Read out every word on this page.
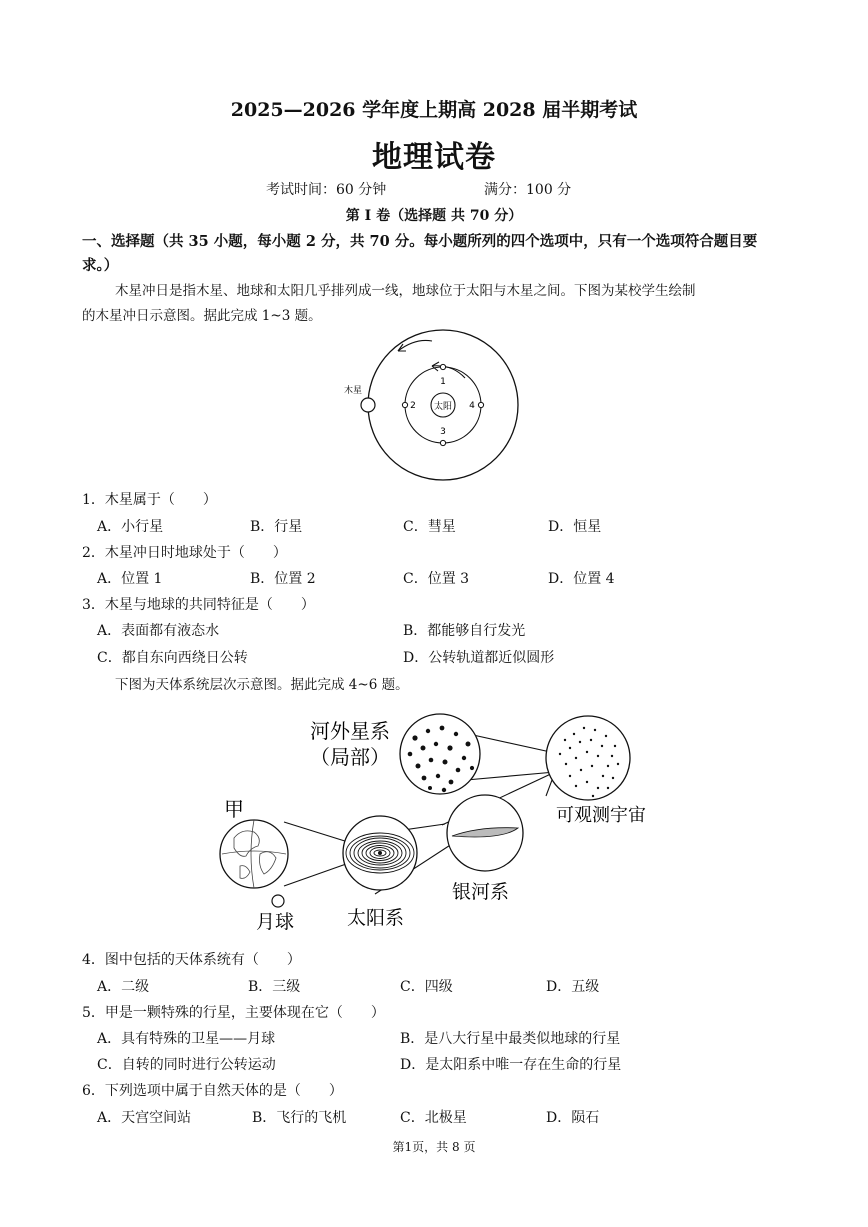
2025—2026 学年度上期高 2028 届半期考试
地理试卷
考试时间：60 分钟	满分：100 分
第 I 卷（选择题 共 70 分）
一、选择题（共 35 小题，每小题 2 分，共 70 分。每小题所列的四个选项中，只有一个选项符合题目要
求。）
木星冲日是指木星、地球和太阳几乎排列成一线，地球位于太阳与木星之间。下图为某校学生绘制
的木星冲日示意图。据此完成 1~3 题。
太阳
木星
1
2
3
4
1．木星属于（　　）
A．小行星	B．行星	C．彗星	D．恒星
2．木星冲日时地球处于（　　）
A．位置 1	B．位置 2	C．位置 3	D．位置 4
3．木星与地球的共同特征是（　　）
A．表面都有液态水	B．都能够自行发光
C．都自东向西绕日公转	D．公转轨道都近似圆形
下图为天体系统层次示意图。据此完成 4~6 题。
河外星系
（局部）
可观测宇宙
银河系
太阳系
甲
月球
4．图中包括的天体系统有（　　）
A．二级	B．三级	C．四级	D．五级
5．甲是一颗特殊的行星，主要体现在它（　　）
A．具有特殊的卫星——月球	B．是八大行星中最类似地球的行星
C．自转的同时进行公转运动	D．是太阳系中唯一存在生命的行星
6．下列选项中属于自然天体的是（　　）
A．天宫空间站	B．飞行的飞机	C．北极星	D．陨石
第1页，共 8 页
